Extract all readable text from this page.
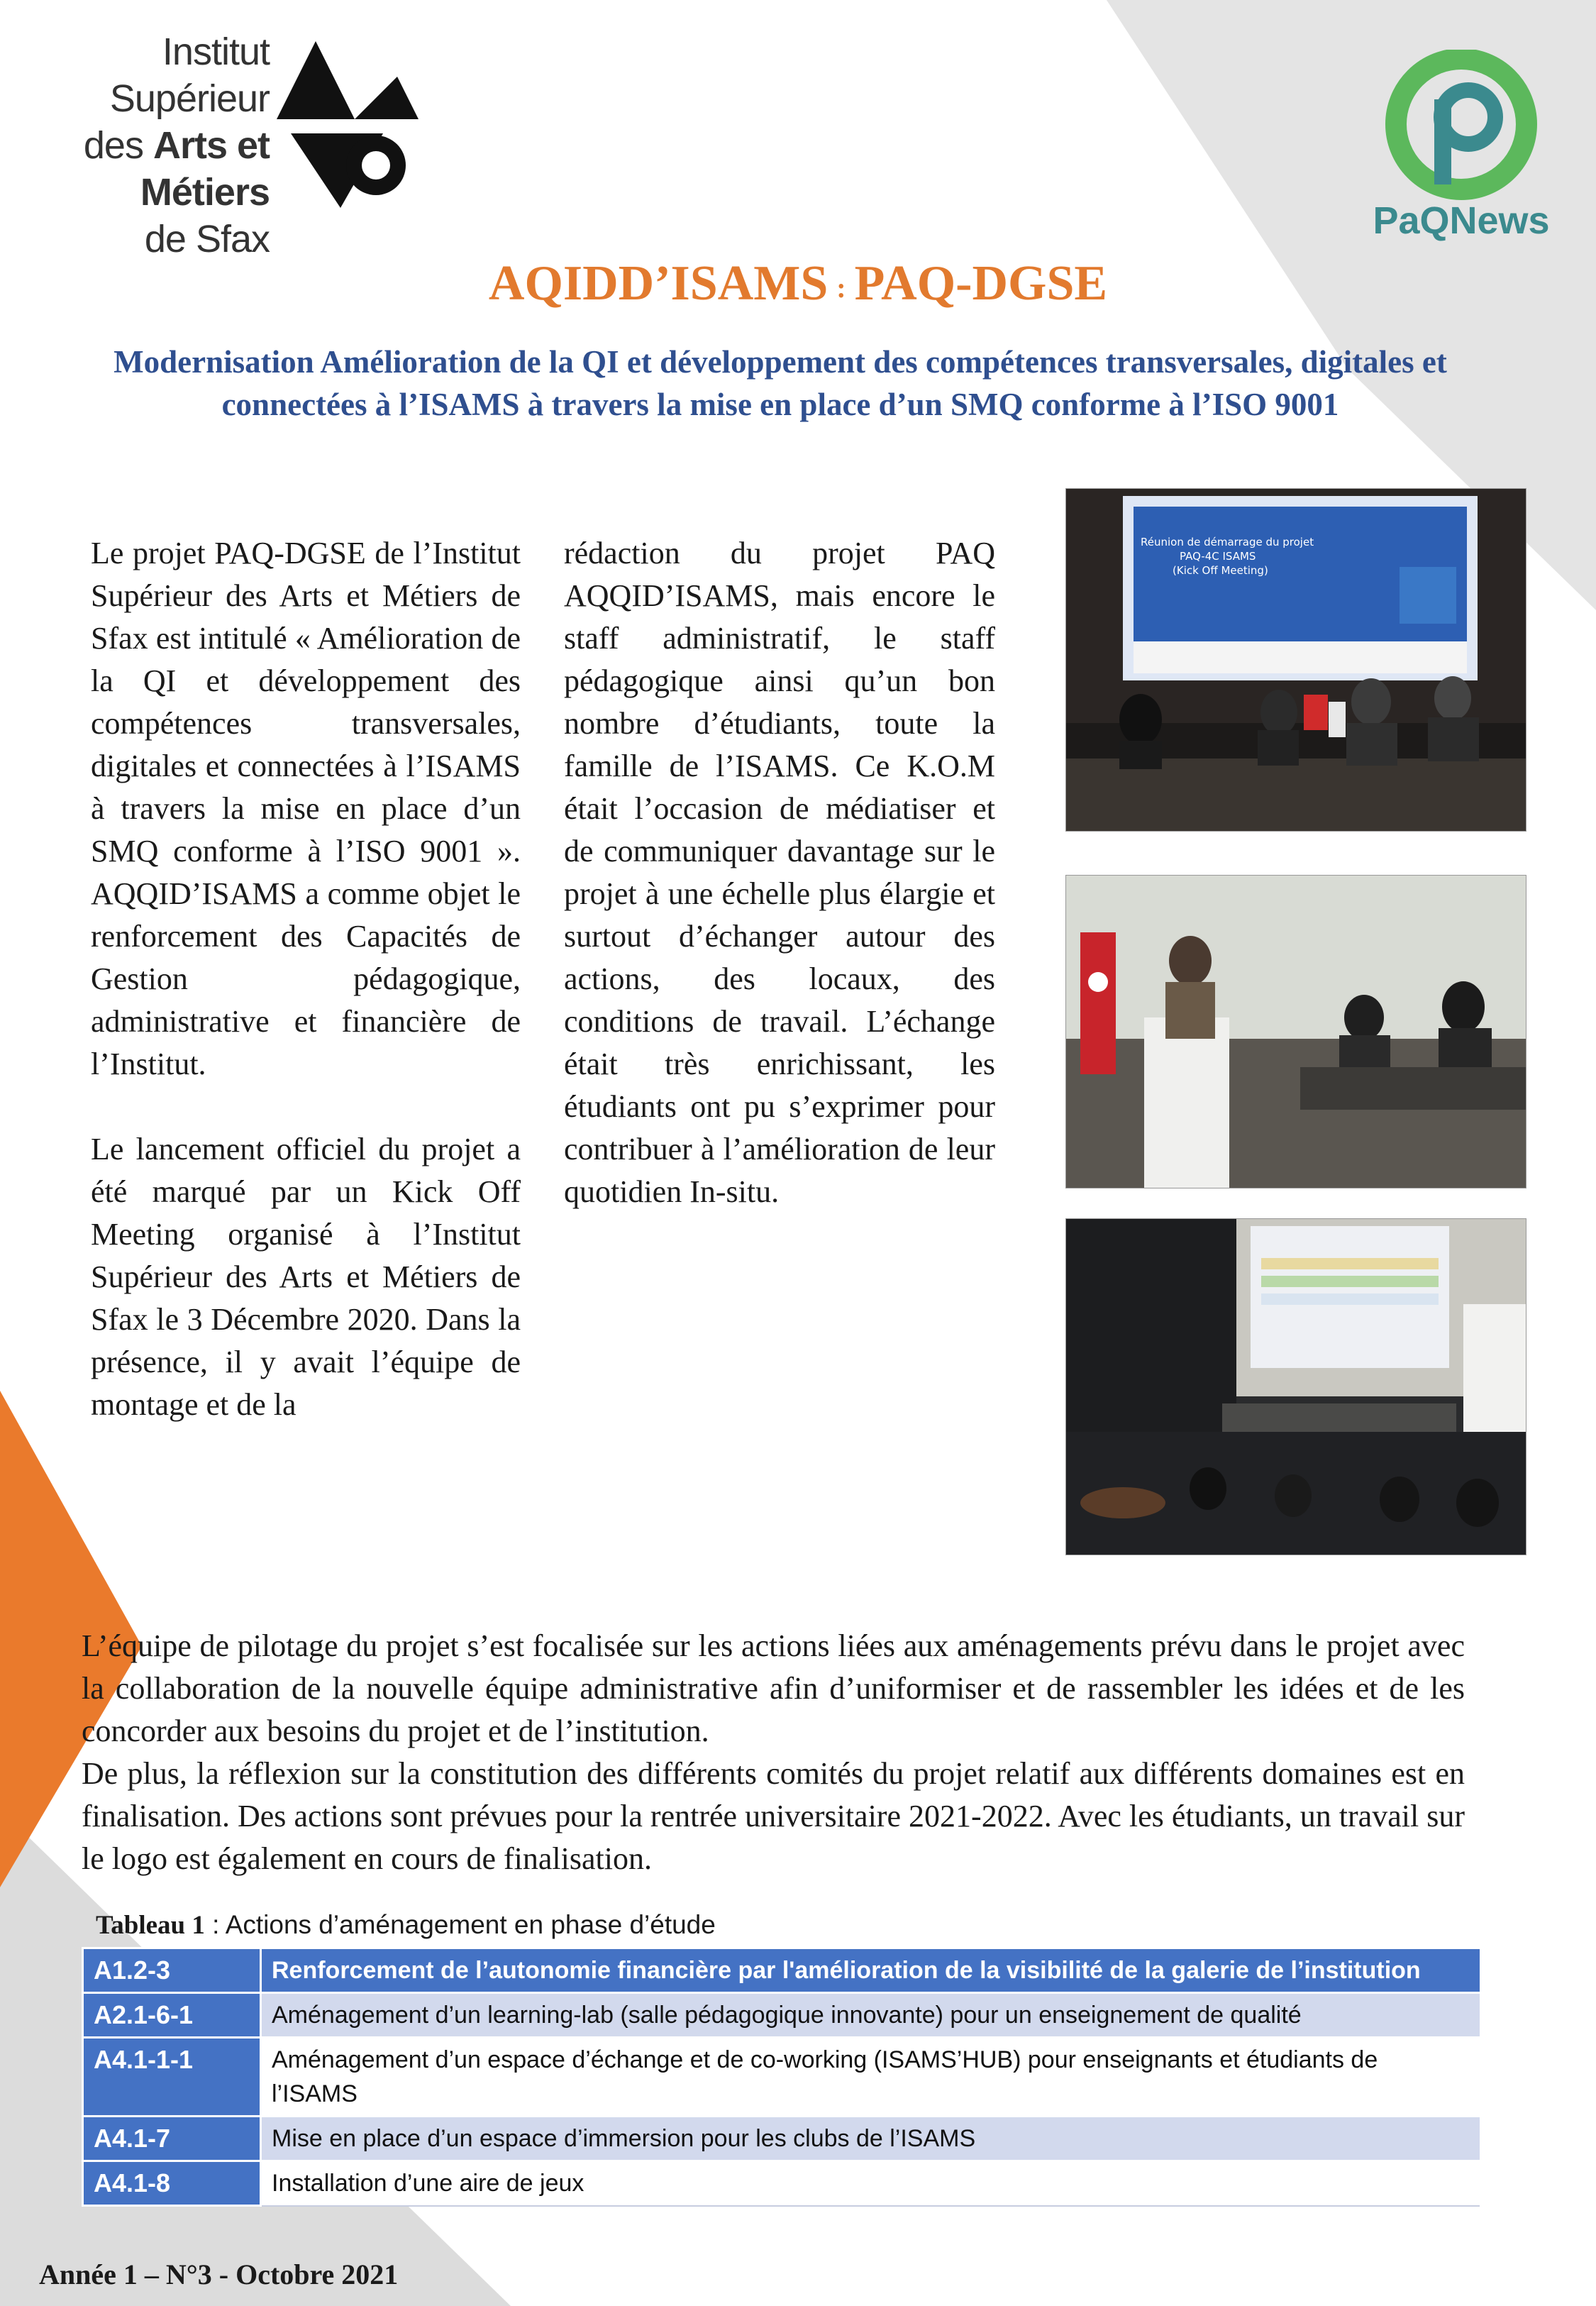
Institut Supérieur
des Arts et Métiers
de Sfax	PaQNews
AQIDD’ISAMS : PAQ-DGSE
Modernisation Amélioration de la QI et développement des compétences transversales, digitales et connectées à l’ISAMS à travers la mise en place d’un SMQ conforme à l’ISO 9001

Le projet PAQ-DGSE de l’Institut Supérieur des Arts et Métiers de Sfax est intitulé « Amélioration de la QI et développement des compétences transversales, digitales et connectées à l’ISAMS à travers la mise en place d’un SMQ conforme à l’ISO 9001 ». AQQID’ISAMS a comme objet le renforcement des Capacités de Gestion pédagogique, administrative et financière de l’Institut.

Le lancement officiel du projet a été marqué par un Kick Off Meeting organisé à l’Institut Supérieur des Arts et Métiers de Sfax le 3 Décembre 2020. Dans la présence, il y avait l’équipe de montage et de la

rédaction du projet PAQ AQQID’ISAMS, mais encore le staff administratif, le staff pédagogique ainsi qu’un bon nombre d’étudiants, toute la famille de l’ISAMS. Ce K.O.M était l’occasion de médiatiser et de communiquer davantage sur le projet à une échelle plus élargie et surtout d’échanger autour des actions, des locaux, des conditions de travail. L’échange était très enrichissant, les étudiants ont pu s’exprimer pour contribuer à l’amélioration de leur quotidien In-situ.

Réunion de démarrage du projet
PAQ-4C ISAMS
(Kick Off Meeting)

L’équipe de pilotage du projet s’est focalisée sur les actions liées aux aménagements prévu dans le projet avec la collaboration de la nouvelle équipe administrative afin d’uniformiser et de rassembler les idées et de les concorder aux besoins du projet et de l’institution.

De plus, la réflexion sur la constitution des différents comités du projet relatif aux différents domaines est en finalisation. Des actions sont prévues pour la rentrée universitaire 2021-2022. Avec les étudiants, un travail sur le logo est également en cours de finalisation.

Tableau 1 : Actions d’aménagement en phase d’étude
A1.2-3	Renforcement de l’autonomie financière par l'amélioration de la visibilité de la galerie de l’institution
A2.1-6-1	Aménagement d’un learning-lab (salle pédagogique innovante) pour un enseignement de qualité
A4.1-1-1	Aménagement d’un espace d’échange et de co-working (ISAMS’HUB) pour enseignants et étudiants de l’ISAMS
A4.1-7	Mise en place d’un espace d’immersion pour les clubs de l’ISAMS
A4.1-8	Installation d’une aire de jeux
Année 1 – N°3 - Octobre 2021
